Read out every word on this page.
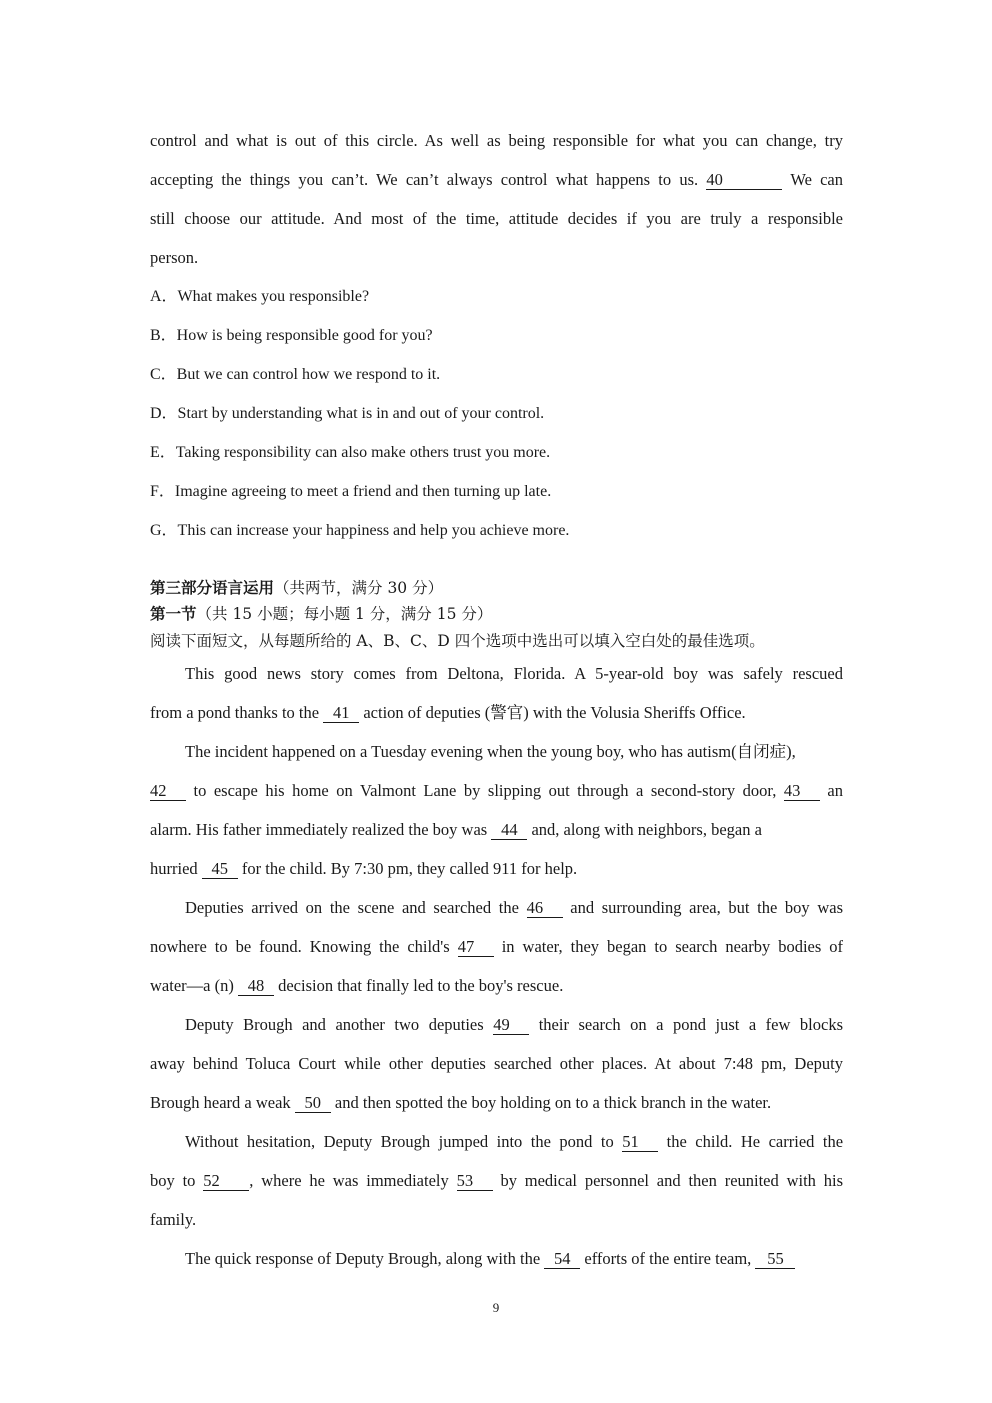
control and what is out of this circle. As well as being responsible for what you can change, try
accepting the things you can’t. We can’t always control what happens to us. 40	We can
still choose our attitude. And most of the time, attitude decides if you are truly a responsible
person.
A．What makes you responsible?
B．How is being responsible good for you?
C．But we can control how we respond to it.
D．Start by understanding what is in and out of your control.
E．Taking responsibility can also make others trust you more.
F．Imagine agreeing to meet a friend and then turning up late.
G．This can increase your happiness and help you achieve more.
第三部分语言运用（共两节，满分 30 分）
第一节（共 15 小题；每小题 1 分，满分 15 分）
阅读下面短文，从每题所给的 A、B、C、D 四个选项中选出可以填入空白处的最佳选项。
This good news story comes from Deltona, Florida. A 5-year-old boy was safely rescued
from a pond thanks to the 41 action of deputies (警官) with the Volusia Sheriffs Office.
The incident happened on a Tuesday evening when the young boy, who has autism(自闭症),
42 to escape his home on Valmont Lane by slipping out through a second-story door, 43 an
alarm. His father immediately realized the boy was 44 and, along with neighbors, began a
hurried 45 for the child. By 7:30 pm, they called 911 for help.
Deputies arrived on the scene and searched the 46 and surrounding area, but the boy was
nowhere to be found. Knowing the child's 47 in water, they began to search nearby bodies of
water—a (n) 48 decision that finally led to the boy's rescue.
Deputy Brough and another two deputies 49 their search on a pond just a few blocks
away behind Toluca Court while other deputies searched other places. At about 7:48 pm, Deputy
Brough heard a weak 50 and then spotted the boy holding on to a thick branch in the water.
Without hesitation, Deputy Brough jumped into the pond to 51 the child. He carried the
boy to 52 , where he was immediately 53 by medical personnel and then reunited with his
family.
The quick response of Deputy Brough, along with the 54 efforts of the entire team, 55
9
